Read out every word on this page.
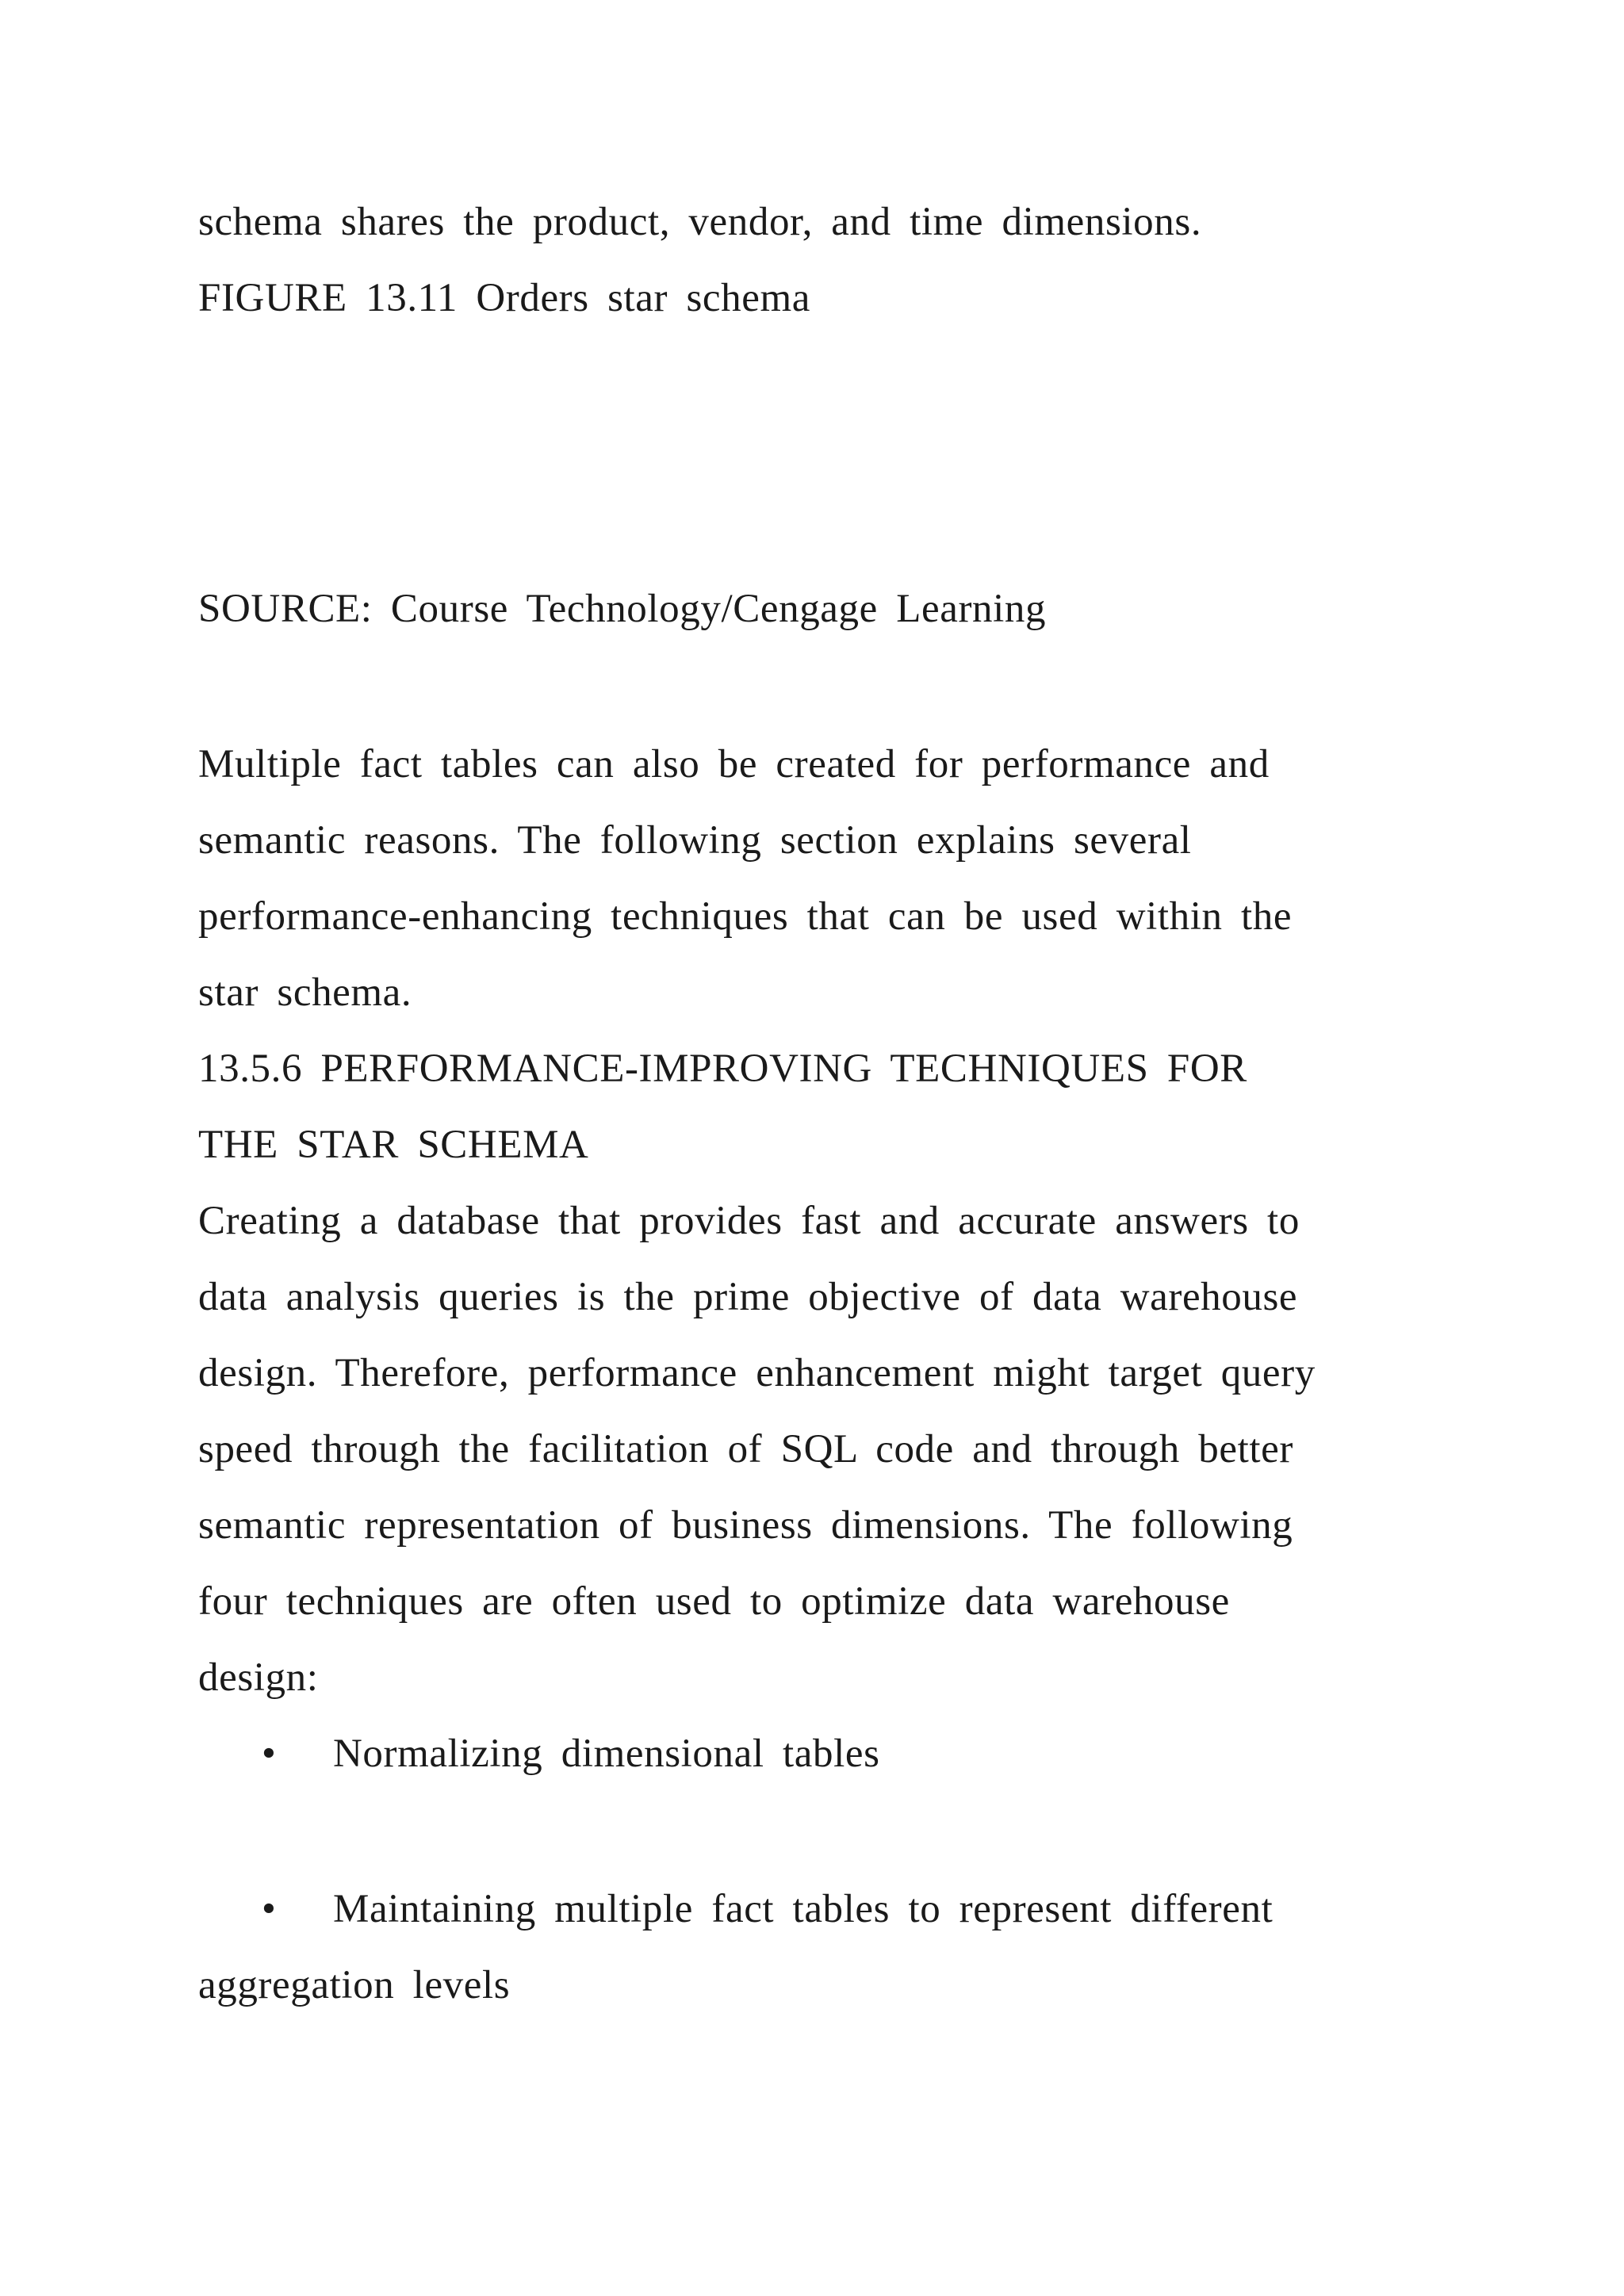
schema shares the product, vendor, and time dimensions.
FIGURE 13.11 Orders star schema
SOURCE: Course Technology/Cengage Learning
Multiple fact tables can also be created for performance and
semantic reasons. The following section explains several
performance-enhancing techniques that can be used within the
star schema.
13.5.6 PERFORMANCE-IMPROVING TECHNIQUES FOR
THE STAR SCHEMA
Creating a database that provides fast and accurate answers to
data analysis queries is the prime objective of data warehouse
design. Therefore, performance enhancement might target query
speed through the facilitation of SQL code and through better
semantic representation of business dimensions. The following
four techniques are often used to optimize data warehouse
design:
• Normalizing dimensional tables
• Maintaining multiple fact tables to represent different
aggregation levels
